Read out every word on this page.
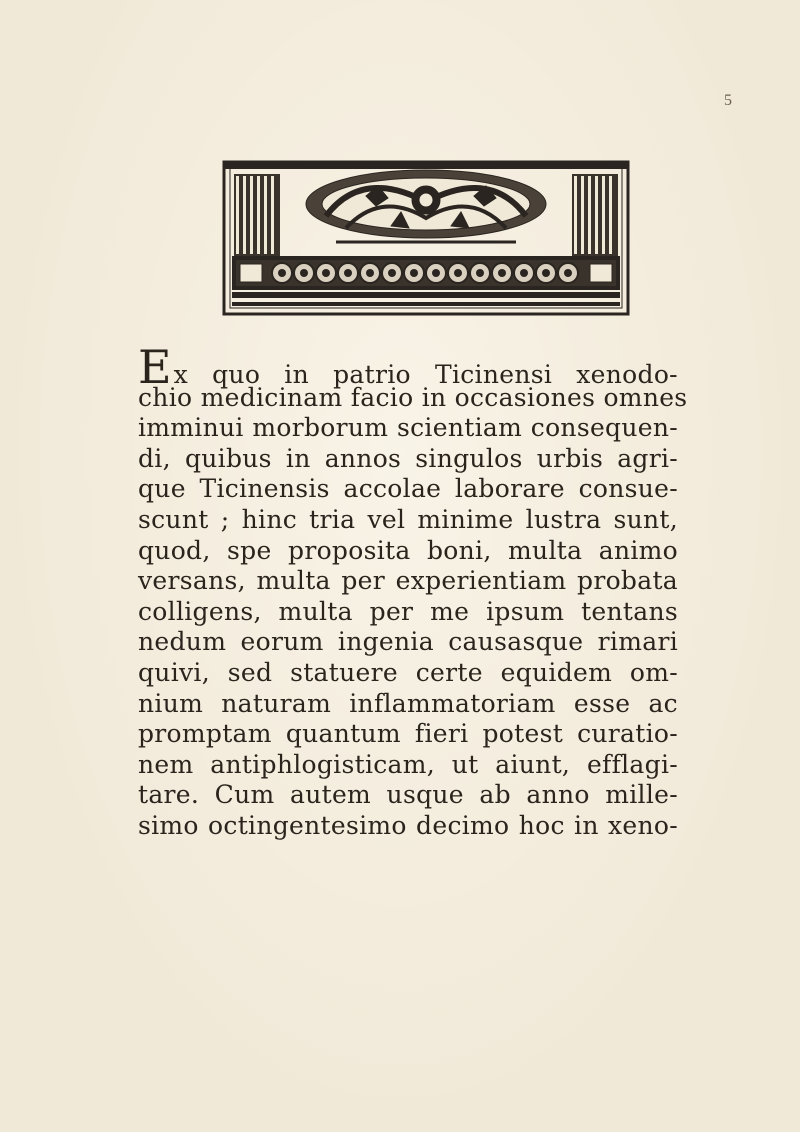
5
Ex quo in patrio Ticinensi xenodo-
chio medicinam facio in occasiones omnes
imminui morborum scientiam consequen-
di, quibus in annos singulos urbis agri-
que Ticinensis accolae laborare consue-
scunt ; hinc tria vel minime lustra sunt,
quod, spe proposita boni, multa animo
versans, multa per experientiam probata
colligens, multa per me ipsum tentans
nedum eorum ingenia causasque rimari
quivi, sed statuere certe equidem om-
nium naturam inflammatoriam esse ac
promptam quantum fieri potest curatio-
nem antiphlogisticam, ut aiunt, efflagi-
tare. Cum autem usque ab anno mille-
simo octingentesimo decimo hoc in xeno-
